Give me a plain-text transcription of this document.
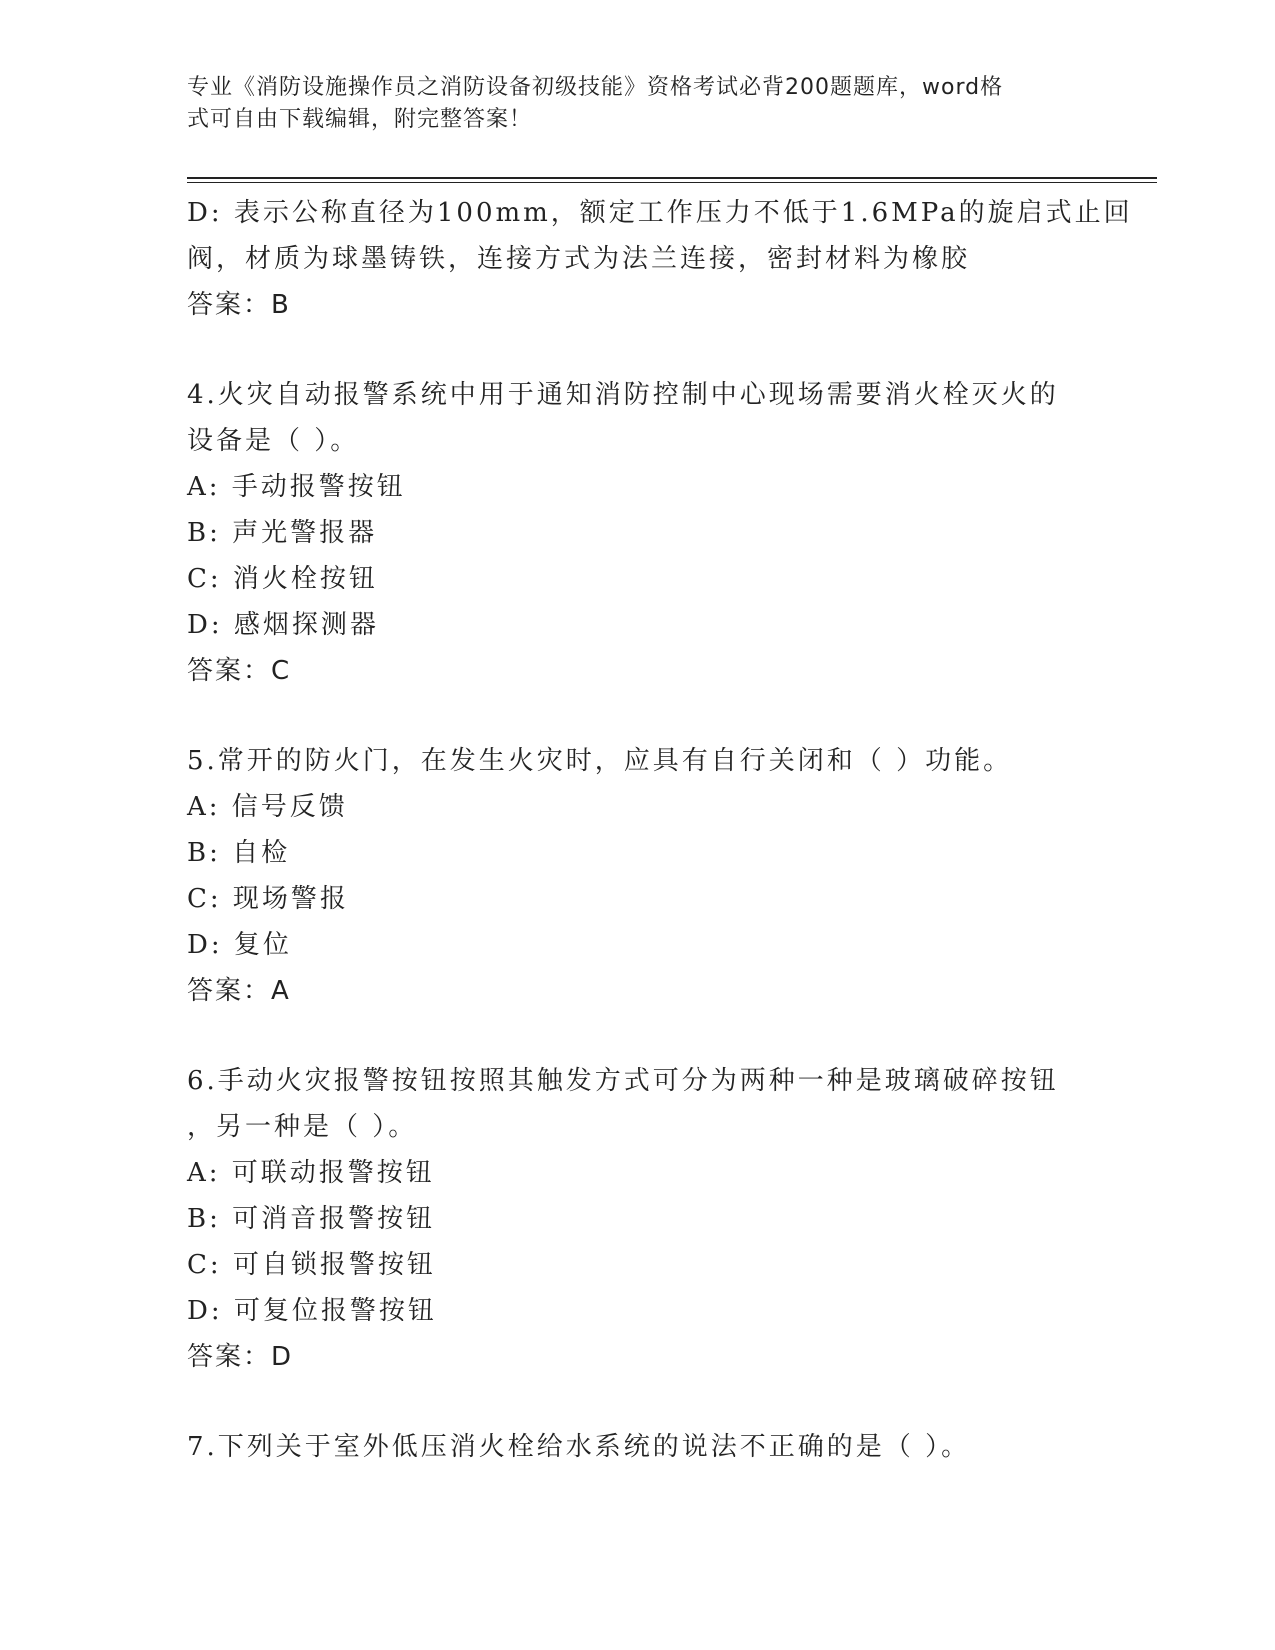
专业《消防设施操作员之消防设备初级技能》资格考试必背200题题库，word格
式可自由下载编辑，附完整答案！
D: 表示公称直径为100mm，额定工作压力不低于1.6MPa的旋启式止回
阀，材质为球墨铸铁，连接方式为法兰连接，密封材料为橡胶
答案：B
4.火灾自动报警系统中用于通知消防控制中心现场需要消火栓灭火的
设备是（ ）。
A: 手动报警按钮
B: 声光警报器
C: 消火栓按钮
D: 感烟探测器
答案：C
5.常开的防火门，在发生火灾时，应具有自行关闭和（ ）功能。
A: 信号反馈
B: 自检
C: 现场警报
D: 复位
答案：A
6.手动火灾报警按钮按照其触发方式可分为两种一种是玻璃破碎按钮
，另一种是（ ）。
A: 可联动报警按钮
B: 可消音报警按钮
C: 可自锁报警按钮
D: 可复位报警按钮
答案：D
7.下列关于室外低压消火栓给水系统的说法不正确的是（ ）。
